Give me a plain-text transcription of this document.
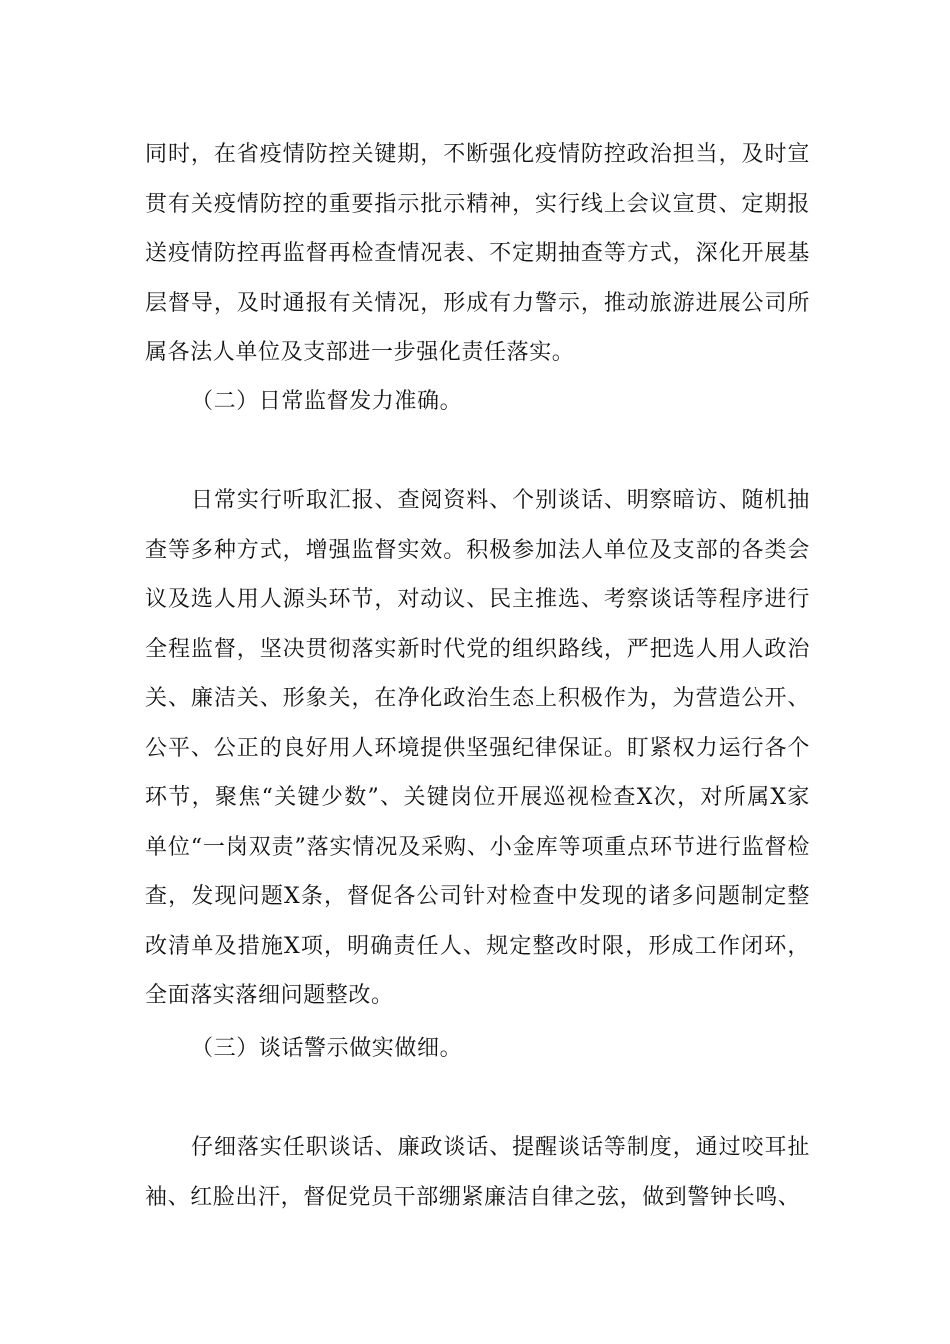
同时，在省疫情防控关键期，不断强化疫情防控政治担当，及时宣贯有关疫情防控的重要指示批示精神，实行线上会议宣贯、定期报送疫情防控再监督再检查情况表、不定期抽查等方式，深化开展基层督导，及时通报有关情况，形成有力警示，推动旅游进展公司所属各法人单位及支部进一步强化责任落实。

（二）日常监督发力准确。

日常实行听取汇报、查阅资料、个别谈话、明察暗访、随机抽查等多种方式，增强监督实效。积极参加法人单位及支部的各类会议及选人用人源头环节，对动议、民主推选、考察谈话等程序进行全程监督，坚决贯彻落实新时代党的组织路线，严把选人用人政治关、廉洁关、形象关，在净化政治生态上积极作为，为营造公开、公平、公正的良好用人环境提供坚强纪律保证。盯紧权力运行各个环节，聚焦“关键少数”、关键岗位开展巡视检查X次，对所属X家单位“一岗双责”落实情况及采购、小金库等项重点环节进行监督检查，发现问题X条，督促各公司针对检查中发现的诸多问题制定整改清单及措施X项，明确责任人、规定整改时限，形成工作闭环，全面落实落细问题整改。

（三）谈话警示做实做细。

仔细落实任职谈话、廉政谈话、提醒谈话等制度，通过咬耳扯袖、红脸出汗，督促党员干部绷紧廉洁自律之弦，做到警钟长鸣、
